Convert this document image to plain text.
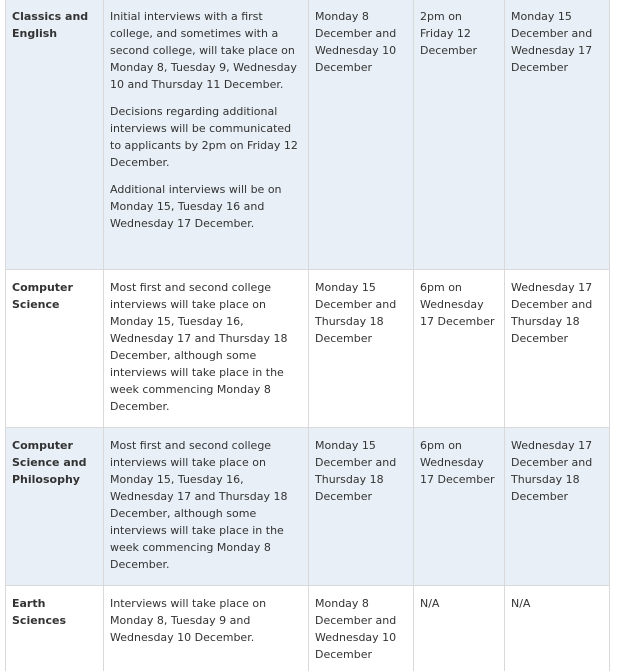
Classics and English	Initial interviews with a first college, and sometimes with a second college, will take place on Monday 8, Tuesday 9, Wednesday 10 and Thursday 11 December.

Decisions regarding additional interviews will be communicated to applicants by 2pm on Friday 12 December.

Additional interviews will be on Monday 15, Tuesday 16 and Wednesday 17 December.	Monday 8 December and Wednesday 10 December	2pm on Friday 12 December	Monday 15 December and Wednesday 17 December
Computer Science	Most first and second college interviews will take place on Monday 15, Tuesday 16, Wednesday 17 and Thursday 18 December, although some interviews will take place in the week commencing Monday 8 December.	Monday 15 December and Thursday 18 December	6pm on Wednesday 17 December	Wednesday 17 December and Thursday 18 December
Computer Science and Philosophy	Most first and second college interviews will take place on Monday 15, Tuesday 16, Wednesday 17 and Thursday 18 December, although some interviews will take place in the week commencing Monday 8 December.	Monday 15 December and Thursday 18 December	6pm on Wednesday 17 December	Wednesday 17 December and Thursday 18 December
Earth Sciences	Interviews will take place on Monday 8, Tuesday 9 and Wednesday 10 December.	Monday 8 December and Wednesday 10 December	N/A	N/A
